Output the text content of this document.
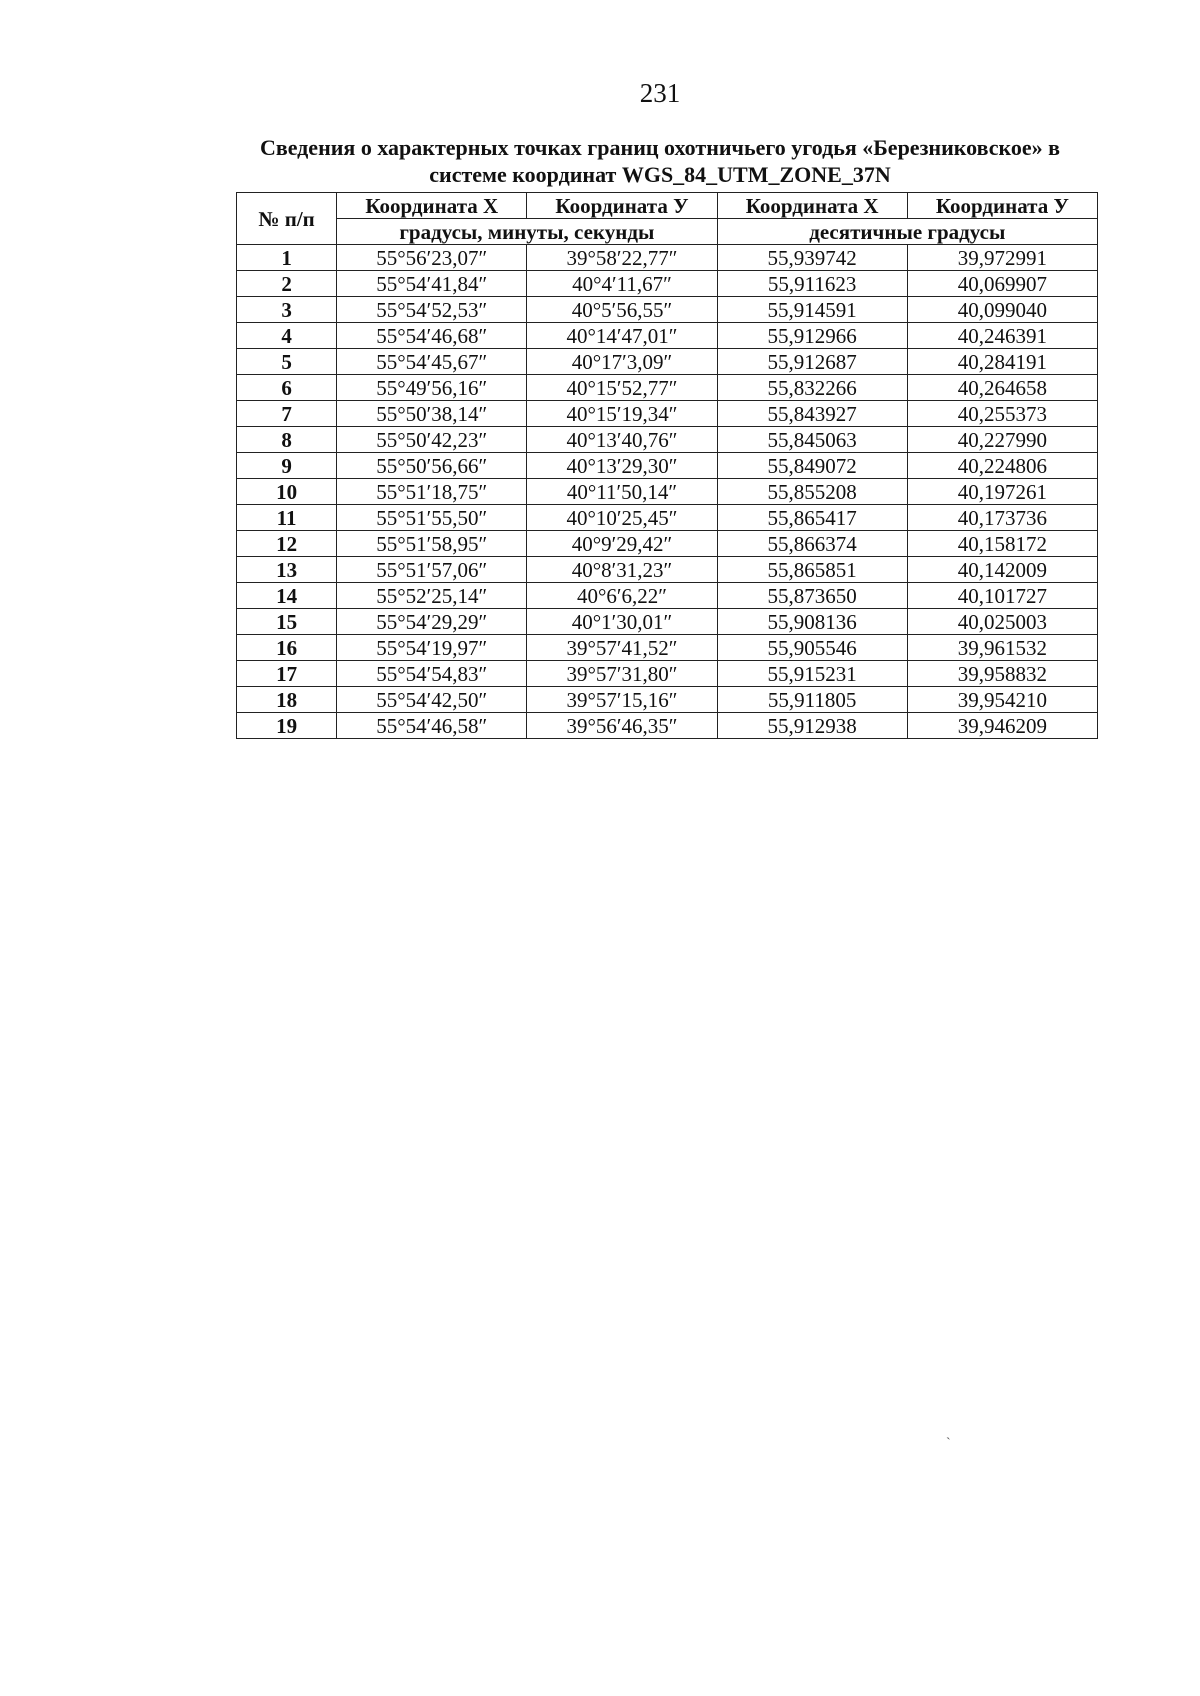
231
Сведения о характерных точках границ охотничьего угодья «Березниковское» в
системе координат WGS_84_UTM_ZONE_37N
№ п/п	Координата X	Координата У	Координата X	Координата У
	градусы, минуты, секунды		десятичные градусы	
1	55°56′23,07″	39°58′22,77″	55,939742	39,972991
2	55°54′41,84″	40°4′11,67″	55,911623	40,069907
3	55°54′52,53″	40°5′56,55″	55,914591	40,099040
4	55°54′46,68″	40°14′47,01″	55,912966	40,246391
5	55°54′45,67″	40°17′3,09″	55,912687	40,284191
6	55°49′56,16″	40°15′52,77″	55,832266	40,264658
7	55°50′38,14″	40°15′19,34″	55,843927	40,255373
8	55°50′42,23″	40°13′40,76″	55,845063	40,227990
9	55°50′56,66″	40°13′29,30″	55,849072	40,224806
10	55°51′18,75″	40°11′50,14″	55,855208	40,197261
11	55°51′55,50″	40°10′25,45″	55,865417	40,173736
12	55°51′58,95″	40°9′29,42″	55,866374	40,158172
13	55°51′57,06″	40°8′31,23″	55,865851	40,142009
14	55°52′25,14″	40°6′6,22″	55,873650	40,101727
15	55°54′29,29″	40°1′30,01″	55,908136	40,025003
16	55°54′19,97″	39°57′41,52″	55,905546	39,961532
17	55°54′54,83″	39°57′31,80″	55,915231	39,958832
18	55°54′42,50″	39°57′15,16″	55,911805	39,954210
19	55°54′46,58″	39°56′46,35″	55,912938	39,946209
`
